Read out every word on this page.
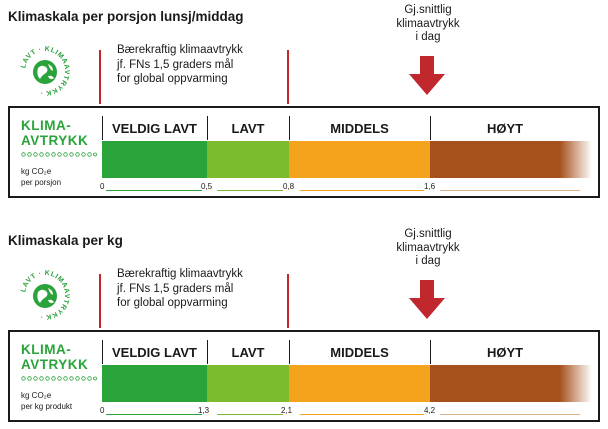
Klimaskala per porsjon lunsj/middag
LAVT · KLIMAAVTRYKK ·
Bærekraftig klimaavtrykk
jf. FNs 1,5 graders mål
for global oppvarming
Gj.snittlig
klimaavtrykk
i dag
KLIMA-
AVTRYKK
kg CO₂e
per porsjon
VELDIG LAVT	LAVT	MIDDELS	HØYT
0	0,5	0,8	1,6
Klimaskala per kg
LAVT · KLIMAAVTRYKK ·
Bærekraftig klimaavtrykk
jf. FNs 1,5 graders mål
for global oppvarming
Gj.snittlig
klimaavtrykk
i dag
KLIMA-
AVTRYKK
kg CO₂e
per kg produkt
VELDIG LAVT	LAVT	MIDDELS	HØYT
0	1,3	2,1	4,2
